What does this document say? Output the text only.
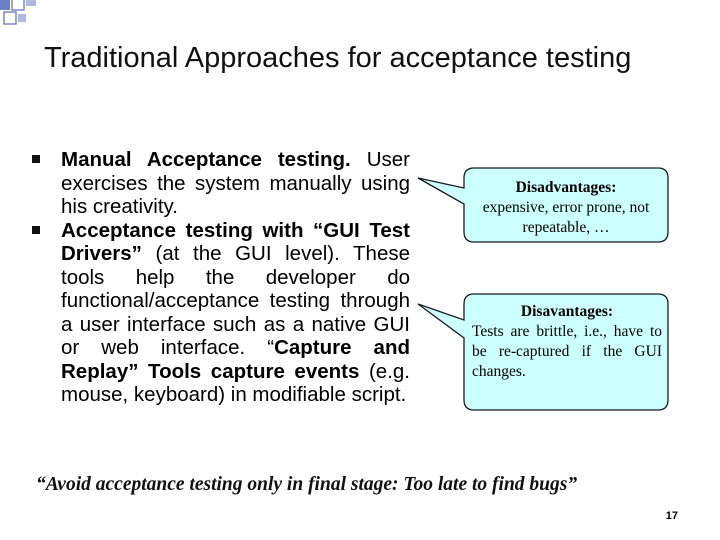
Traditional Approaches for acceptance testing

Manual Acceptance testing. User exercises the system manually using his creativity.

Acceptance testing with “GUI Test Drivers” (at the GUI level). These tools help the developer do functional/acceptance testing through a user interface such as a native GUI or web interface. “Capture and Replay” Tools capture events (e.g. mouse, keyboard) in modifiable script.

Disadvantages:
expensive, error prone, not repeatable, …
Disavantages:
Tests are brittle, i.e., have to be re-captured if the GUI changes.
“Avoid acceptance testing only in final stage: Too late to find bugs”
17
